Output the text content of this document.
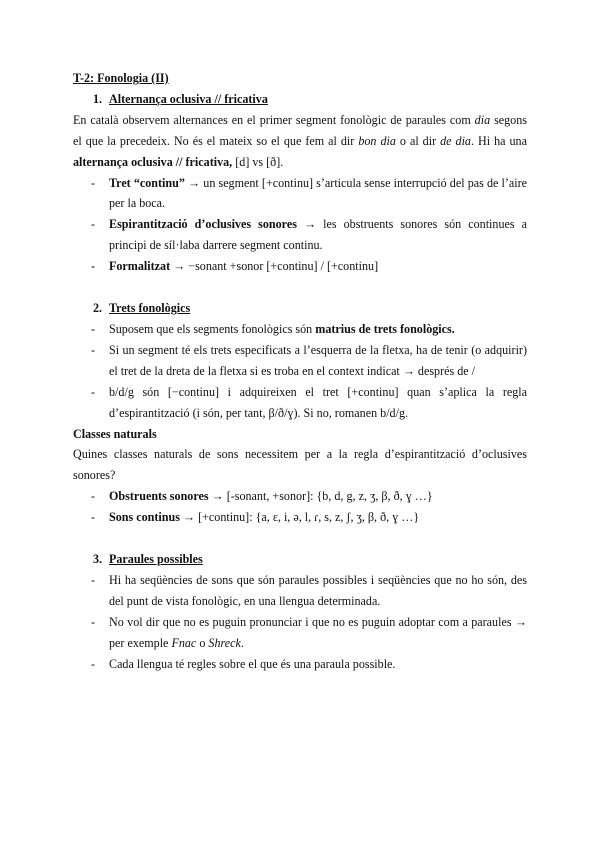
T-2: Fonologia (II)

1. Alternança oclusiva // fricativa

En català observem alternances en el primer segment fonològic de paraules com dia segons el que la precedeix. No és el mateix so el que fem al dir bon dia o al dir de dia. Hi ha una alternança oclusiva // fricativa, [d] vs [ð].

- Tret “continu” → un segment [+continu] s’articula sense interrupció del pas de l’aire per la boca.
- Espirantització d’oclusives sonores → les obstruents sonores són continues a principi de síl·laba darrere segment continu.
- Formalitzat → −sonant +sonor [+continu] / [+continu]

2. Trets fonològics

- Suposem que els segments fonològics són matrius de trets fonològics.
- Si un segment té els trets especificats a l’esquerra de la fletxa, ha de tenir (o adquirir) el tret de la dreta de la fletxa si es troba en el context indicat → després de /
- b/d/g són [−continu] i adquireixen el tret [+continu] quan s’aplica la regla d’espirantització (i són, per tant, β/ð/ɣ). Si no, romanen b/d/g.

Classes naturals

Quines classes naturals de sons necessitem per a la regla d’espirantització d’oclusives sonores?

- Obstruents sonores → [-sonant, +sonor]: {b, d, g, z, ʒ, β, ð, ɣ …}
- Sons continus → [+continu]: {a, ɛ, i, ə, l, ɾ, s, z, ʃ, ʒ, β, ð, ɣ …}

3. Paraules possibles

- Hi ha seqüències de sons que són paraules possibles i seqüències que no ho són, des del punt de vista fonològic, en una llengua determinada.
- No vol dir que no es puguin pronunciar i que no es puguin adoptar com a paraules → per exemple Fnac o Shreck.
- Cada llengua té regles sobre el que és una paraula possible.
